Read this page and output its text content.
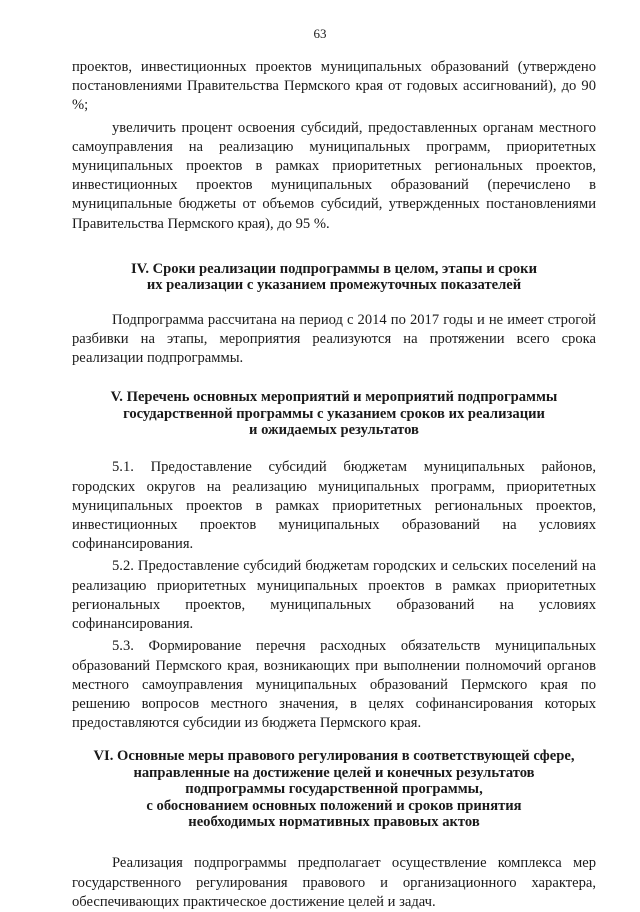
63

проектов, инвестиционных проектов муниципальных образований (утверждено постановлениями Правительства Пермского края от годовых ассигнований), до 90 %;

увеличить процент освоения субсидий, предоставленных органам местного самоуправления на реализацию муниципальных программ, приоритетных муниципальных проектов в рамках приоритетных региональных проектов, инвестиционных проектов муниципальных образований (перечислено в муниципальные бюджеты от объемов субсидий, утвержденных постановлениями Правительства Пермского края), до 95 %.

IV. Сроки реализации подпрограммы в целом, этапы и сроки
их реализации с указанием промежуточных показателей

Подпрограмма рассчитана на период с 2014 по 2017 годы и не имеет строгой разбивки на этапы, мероприятия реализуются на протяжении всего срока реализации подпрограммы.

V. Перечень основных мероприятий и мероприятий подпрограммы
государственной программы с указанием сроков их реализации
и ожидаемых результатов

5.1. Предоставление субсидий бюджетам муниципальных районов, городских округов на реализацию муниципальных программ, приоритетных муниципальных проектов в рамках приоритетных региональных проектов, инвестиционных проектов муниципальных образований на условиях софинансирования.

5.2. Предоставление субсидий бюджетам городских и сельских поселений на реализацию приоритетных муниципальных проектов в рамках приоритетных региональных проектов, муниципальных образований на условиях софинансирования.

5.3. Формирование перечня расходных обязательств муниципальных образований Пермского края, возникающих при выполнении полномочий органов местного самоуправления муниципальных образований Пермского края по решению вопросов местного значения, в целях софинансирования которых предоставляются субсидии из бюджета Пермского края.

VI. Основные меры правового регулирования в соответствующей сфере,
направленные на достижение целей и конечных результатов
подпрограммы государственной программы,
с обоснованием основных положений и сроков принятия
необходимых нормативных правовых актов

Реализация подпрограммы предполагает осуществление комплекса мер государственного регулирования правового и организационного характера, обеспечивающих практическое достижение целей и задач.
